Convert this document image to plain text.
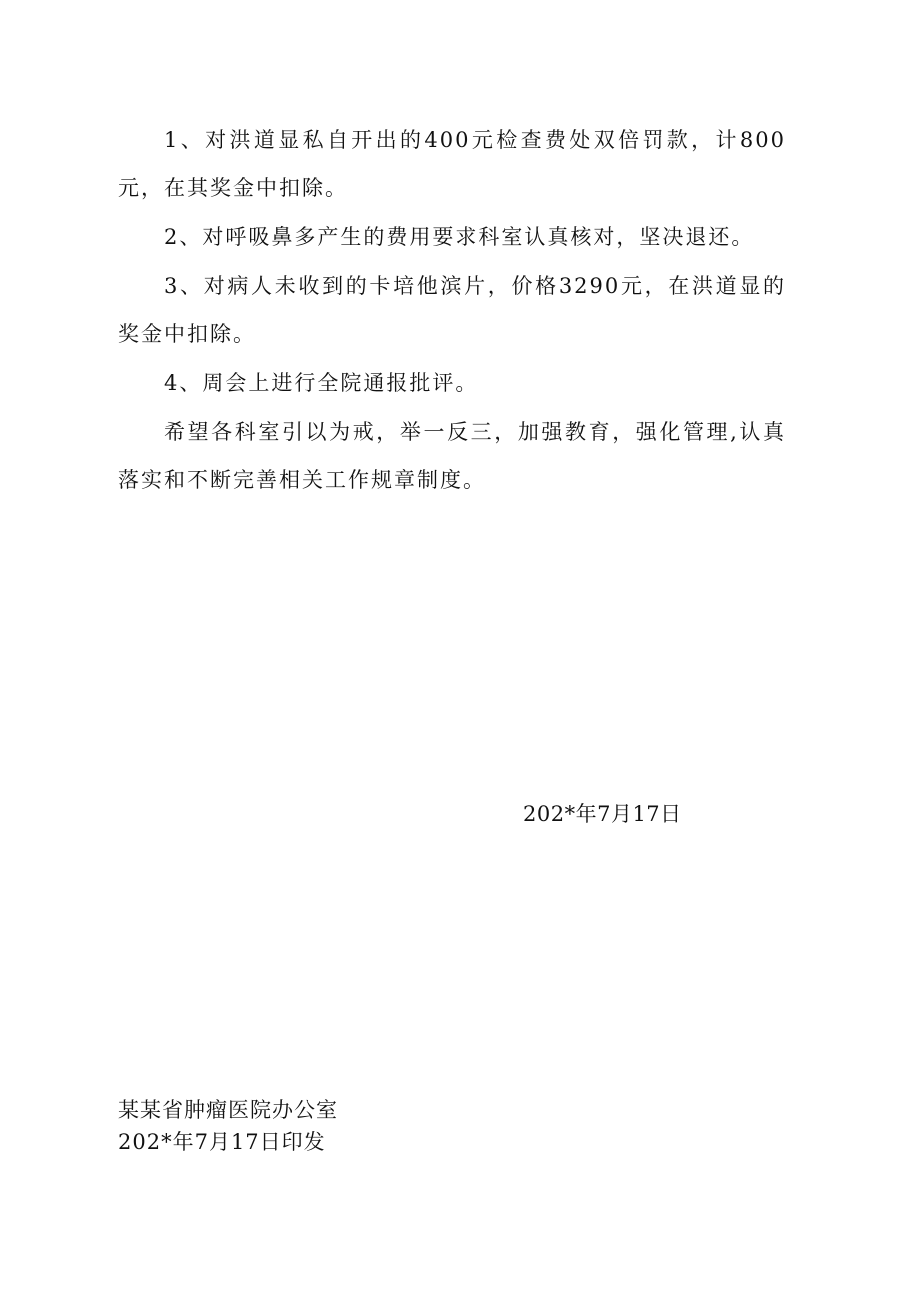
1、对洪道显私自开出的400元检查费处双倍罚款，计800元，在其奖金中扣除。

2、对呼吸鼻多产生的费用要求科室认真核对，坚决退还。

3、对病人未收到的卡培他滨片，价格3290元，在洪道显的奖金中扣除。

4、周会上进行全院通报批评。

希望各科室引以为戒，举一反三，加强教育，强化管理,认真落实和不断完善相关工作规章制度。

202*年7月17日
某某省肿瘤医院办公室
202*年7月17日印发
